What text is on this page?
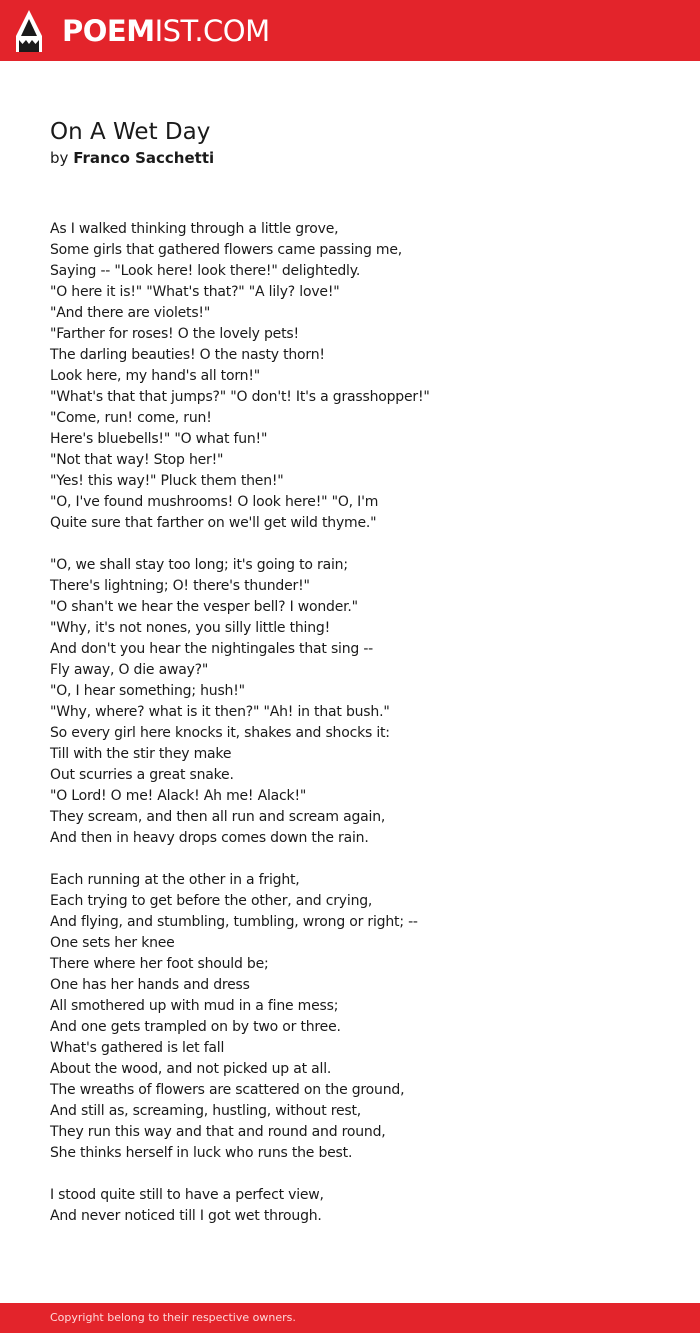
POEMIST.COM
On A Wet Day
by Franco Sacchetti
As I walked thinking through a little grove,
Some girls that gathered flowers came passing me,
Saying -- "Look here! look there!" delightedly.
"O here it is!" "What's that?" "A lily? love!"
"And there are violets!"
"Farther for roses! O the lovely pets!
The darling beauties! O the nasty thorn!
Look here, my hand's all torn!"
"What's that that jumps?" "O don't! It's a grasshopper!"
"Come, run! come, run!
Here's bluebells!" "O what fun!"
"Not that way! Stop her!"
"Yes! this way!" Pluck them then!"
"O, I've found mushrooms! O look here!" "O, I'm
Quite sure that farther on we'll get wild thyme."
"O, we shall stay too long; it's going to rain;
There's lightning; O! there's thunder!"
"O shan't we hear the vesper bell? I wonder."
"Why, it's not nones, you silly little thing!
And don't you hear the nightingales that sing --
Fly away, O die away?"
"O, I hear something; hush!"
"Why, where? what is it then?" "Ah! in that bush."
So every girl here knocks it, shakes and shocks it:
Till with the stir they make
Out scurries a great snake.
"O Lord! O me! Alack! Ah me! Alack!"
They scream, and then all run and scream again,
And then in heavy drops comes down the rain.
Each running at the other in a fright,
Each trying to get before the other, and crying,
And flying, and stumbling, tumbling, wrong or right; --
One sets her knee
There where her foot should be;
One has her hands and dress
All smothered up with mud in a fine mess;
And one gets trampled on by two or three.
What's gathered is let fall
About the wood, and not picked up at all.
The wreaths of flowers are scattered on the ground,
And still as, screaming, hustling, without rest,
They run this way and that and round and round,
She thinks herself in luck who runs the best.
I stood quite still to have a perfect view,
And never noticed till I got wet through.
Copyright belong to their respective owners.
